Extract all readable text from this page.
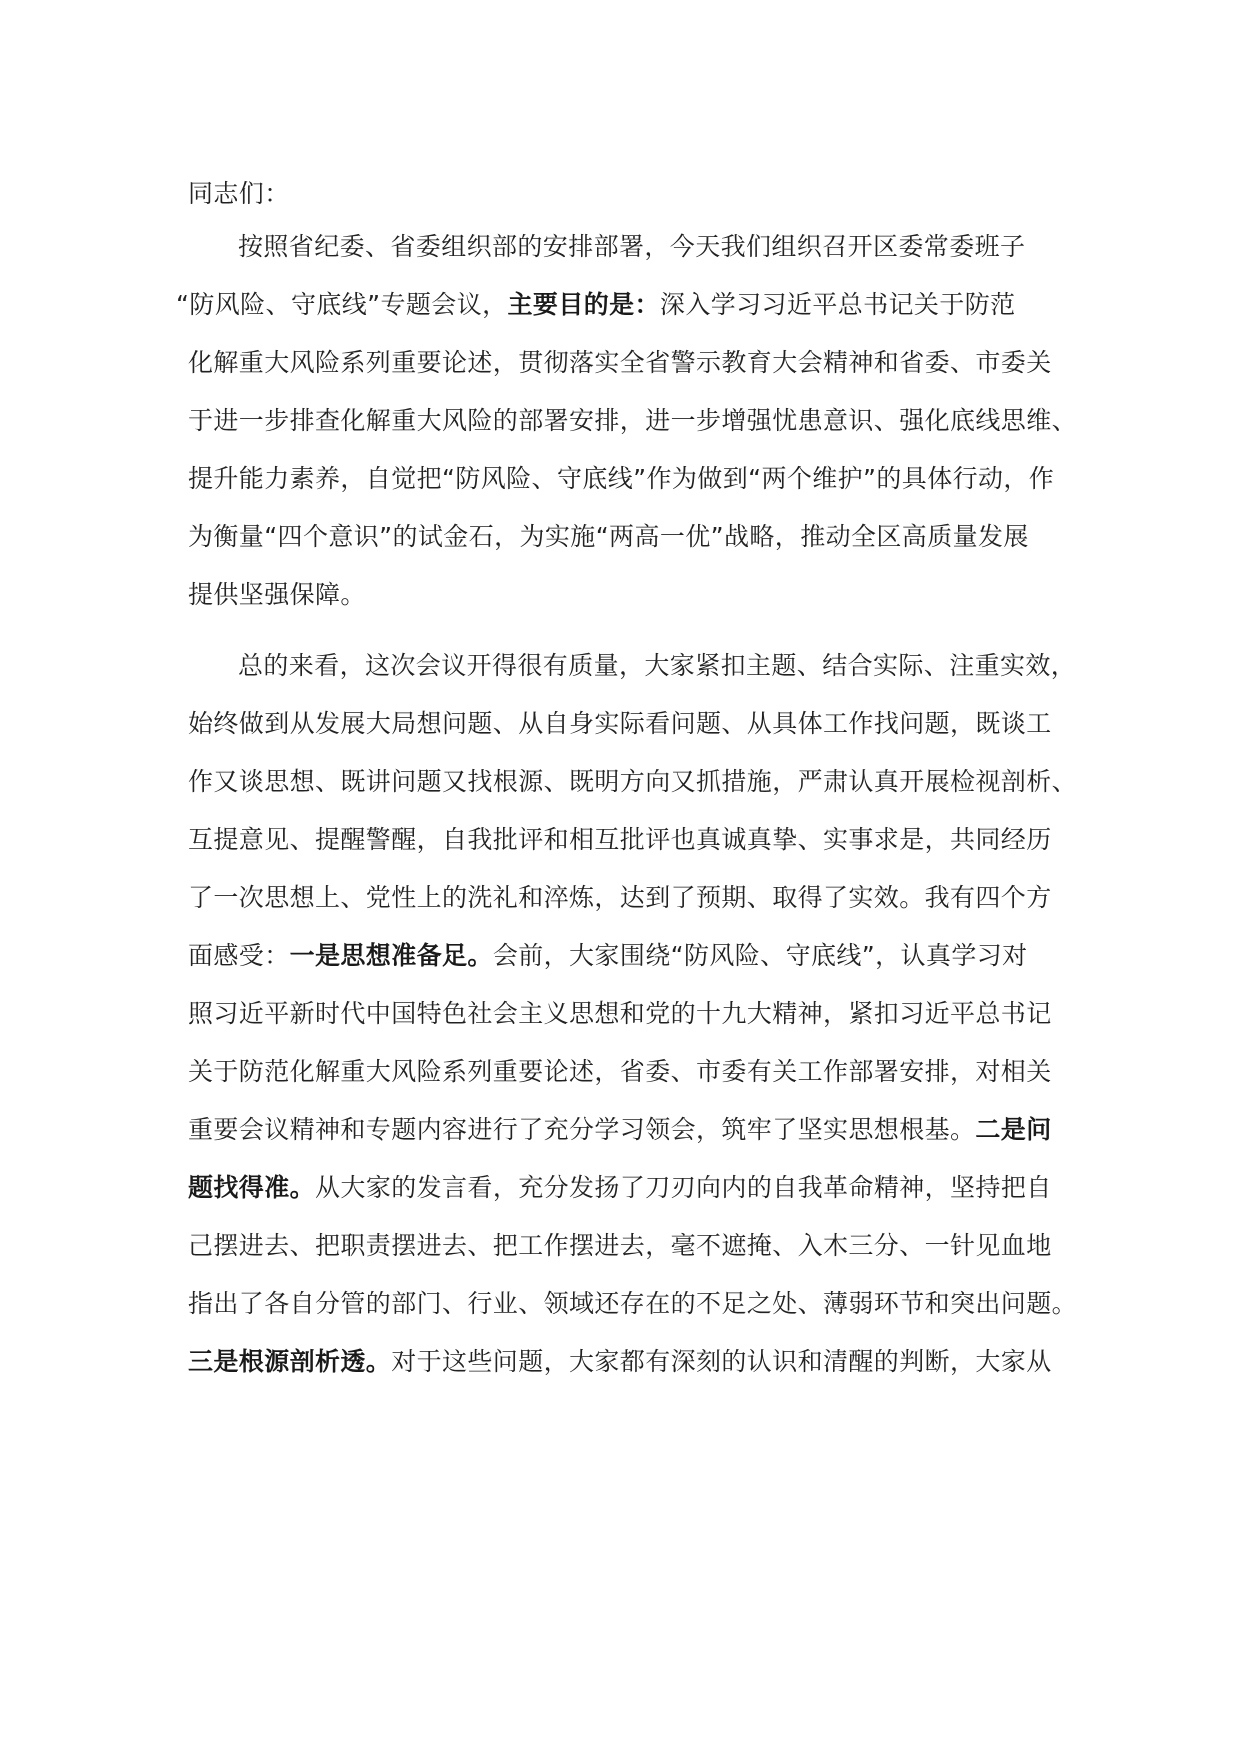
同志们：
按照省纪委、省委组织部的安排部署，今天我们组织召开区委常委班子
“防风险、守底线”专题会议，主要目的是：深入学习习近平总书记关于防范
化解重大风险系列重要论述，贯彻落实全省警示教育大会精神和省委、市委关
于进一步排查化解重大风险的部署安排，进一步增强忧患意识、强化底线思维、
提升能力素养，自觉把“防风险、守底线”作为做到“两个维护”的具体行动，作
为衡量“四个意识”的试金石，为实施“两高一优”战略，推动全区高质量发展
提供坚强保障。
总的来看，这次会议开得很有质量，大家紧扣主题、结合实际、注重实效，
始终做到从发展大局想问题、从自身实际看问题、从具体工作找问题，既谈工
作又谈思想、既讲问题又找根源、既明方向又抓措施，严肃认真开展检视剖析、
互提意见、提醒警醒，自我批评和相互批评也真诚真挚、实事求是，共同经历
了一次思想上、党性上的洗礼和淬炼，达到了预期、取得了实效。我有四个方
面感受：一是思想准备足。会前，大家围绕“防风险、守底线”，认真学习对
照习近平新时代中国特色社会主义思想和党的十九大精神，紧扣习近平总书记
关于防范化解重大风险系列重要论述，省委、市委有关工作部署安排，对相关
重要会议精神和专题内容进行了充分学习领会，筑牢了坚实思想根基。二是问
题找得准。从大家的发言看，充分发扬了刀刃向内的自我革命精神，坚持把自
己摆进去、把职责摆进去、把工作摆进去，毫不遮掩、入木三分、一针见血地
指出了各自分管的部门、行业、领域还存在的不足之处、薄弱环节和突出问题。
三是根源剖析透。对于这些问题，大家都有深刻的认识和清醒的判断，大家从
